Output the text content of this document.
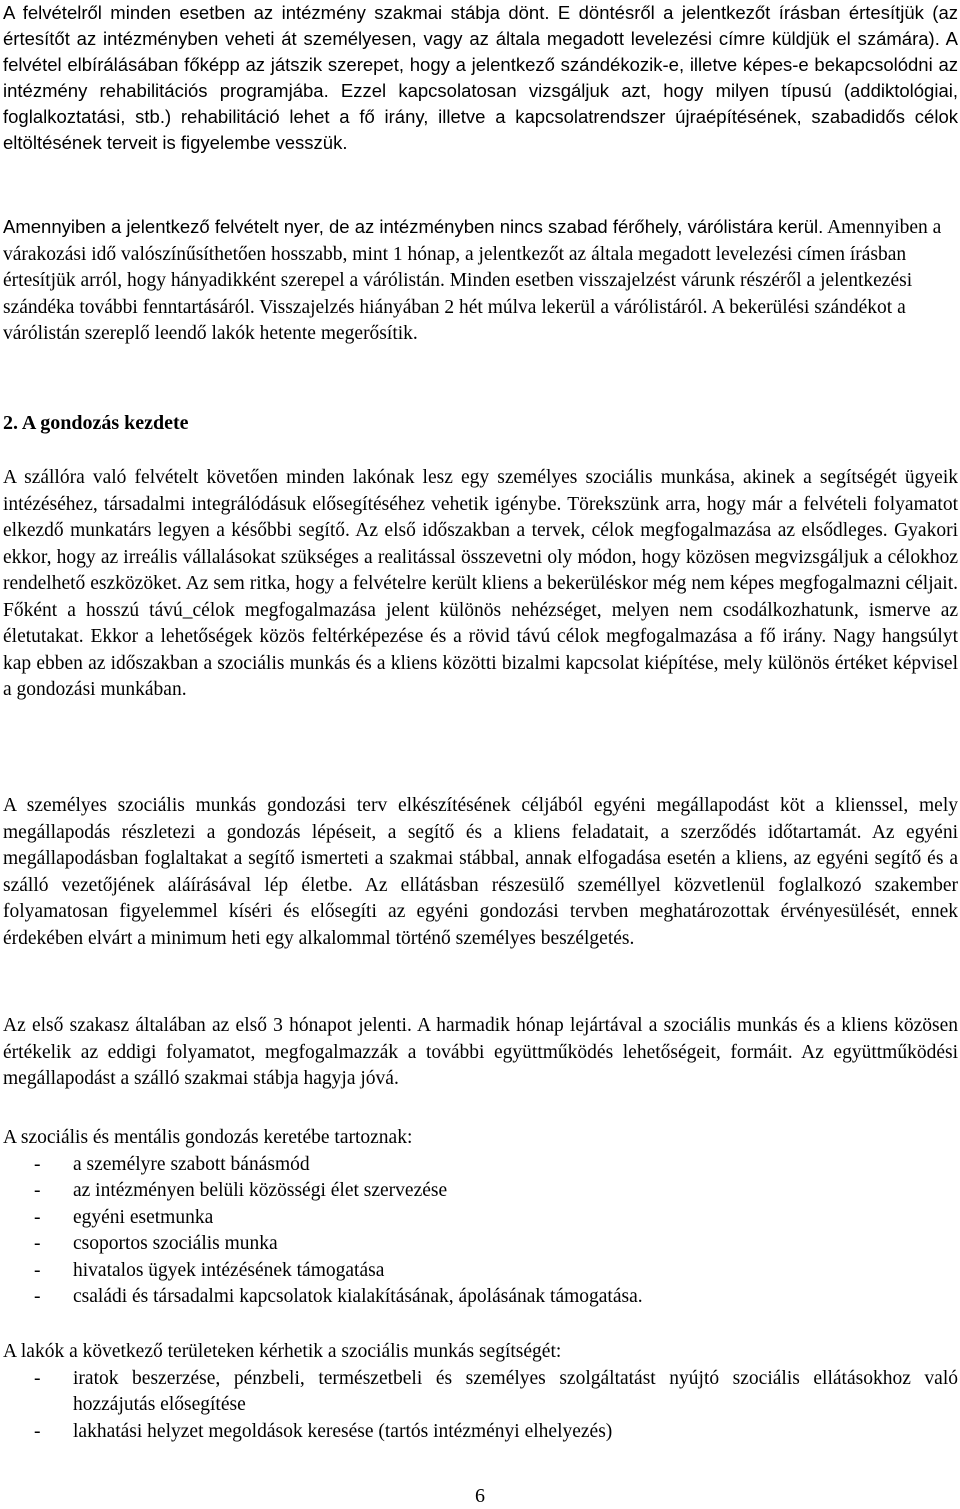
A felvételről minden esetben az intézmény szakmai stábja dönt. E döntésről a jelentkezőt írásban értesítjük (az értesítőt az intézményben veheti át személyesen, vagy az általa megadott levelezési címre küldjük el számára). A felvétel elbírálásában főképp az játszik szerepet, hogy a jelentkező szándékozik-e, illetve képes-e bekapcsolódni az intézmény rehabilitációs programjába. Ezzel kapcsolatosan vizsgáljuk azt, hogy milyen típusú (addiktológiai, foglalkoztatási, stb.) rehabilitáció lehet a fő irány, illetve a kapcsolatrendszer újraépítésének, szabadidős célok eltöltésének terveit is figyelembe vesszük.

Amennyiben a jelentkező felvételt nyer, de az intézményben nincs szabad férőhely, várólistára kerül.

Amennyiben a várakozási idő valószínűsíthetően hosszabb, mint 1 hónap, a jelentkezőt az általa megadott levelezési címen írásban értesítjük arról, hogy hányadikként szerepel a várólistán. Minden esetben visszajelzést várunk részéről a jelentkezési szándéka további fenntartásáról. Visszajelzés hiányában 2 hét múlva lekerül a várólistáról. A bekerülési szándékot a várólistán szereplő leendő lakók hetente megerősítik.
2. A gondozás kezdete

A szállóra való felvételt követően minden lakónak lesz egy személyes szociális munkása, akinek a segítségét ügyeik intézéséhez, társadalmi integrálódásuk elősegítéséhez vehetik igénybe. Törekszünk arra, hogy már a felvételi folyamatot elkezdő munkatárs legyen a későbbi segítő. Az első időszakban a tervek, célok megfogalmazása az elsődleges. Gyakori ekkor, hogy az irreális vállalásokat szükséges a realitással összevetni oly módon, hogy közösen megvizsgáljuk a célokhoz rendelhető eszközöket. Az sem ritka, hogy a felvételre került kliens a bekerüléskor még nem képes megfogalmazni céljait. Főként a hosszú távú_célok megfogalmazása jelent különös nehézséget, melyen nem csodálkozhatunk, ismerve az életutakat. Ekkor a lehetőségek közös feltérképezése és a rövid távú célok megfogalmazása a fő irány. Nagy hangsúlyt kap ebben az időszakban a szociális munkás és a kliens közötti bizalmi kapcsolat kiépítése, mely különös értéket képvisel a gondozási munkában.

A személyes szociális munkás gondozási terv elkészítésének céljából egyéni megállapodást köt a klienssel, mely megállapodás részletezi a gondozás lépéseit, a segítő és a kliens feladatait, a szerződés időtartamát. Az egyéni megállapodásban foglaltakat a segítő ismerteti a szakmai stábbal, annak elfogadása esetén a kliens, az egyéni segítő és a szálló vezetőjének aláírásával lép életbe. Az ellátásban részesülő személlyel közvetlenül foglalkozó szakember folyamatosan figyelemmel kíséri és elősegíti az egyéni gondozási tervben meghatározottak érvényesülését, ennek érdekében elvárt a minimum heti egy alkalommal történő személyes beszélgetés.

Az első szakasz általában az első 3 hónapot jelenti. A harmadik hónap lejártával a szociális munkás és a kliens közösen értékelik az eddigi folyamatot, megfogalmazzák a további együttműködés lehetőségeit, formáit. Az együttműködési megállapodást a szálló szakmai stábja hagyja jóvá.

A szociális és mentális gondozás keretébe tartoznak:

- a személyre szabott bánásmód
- az intézményen belüli közösségi élet szervezése
- egyéni esetmunka
- csoportos szociális munka
- hivatalos ügyek intézésének támogatása
- családi és társadalmi kapcsolatok kialakításának, ápolásának támogatása.

A lakók a következő területeken kérhetik a szociális munkás segítségét:

- iratok beszerzése, pénzbeli, természetbeli és személyes szolgáltatást nyújtó szociális ellátásokhoz való hozzájutás elősegítése
- lakhatási helyzet megoldások keresése (tartós intézményi elhelyezés)
6
